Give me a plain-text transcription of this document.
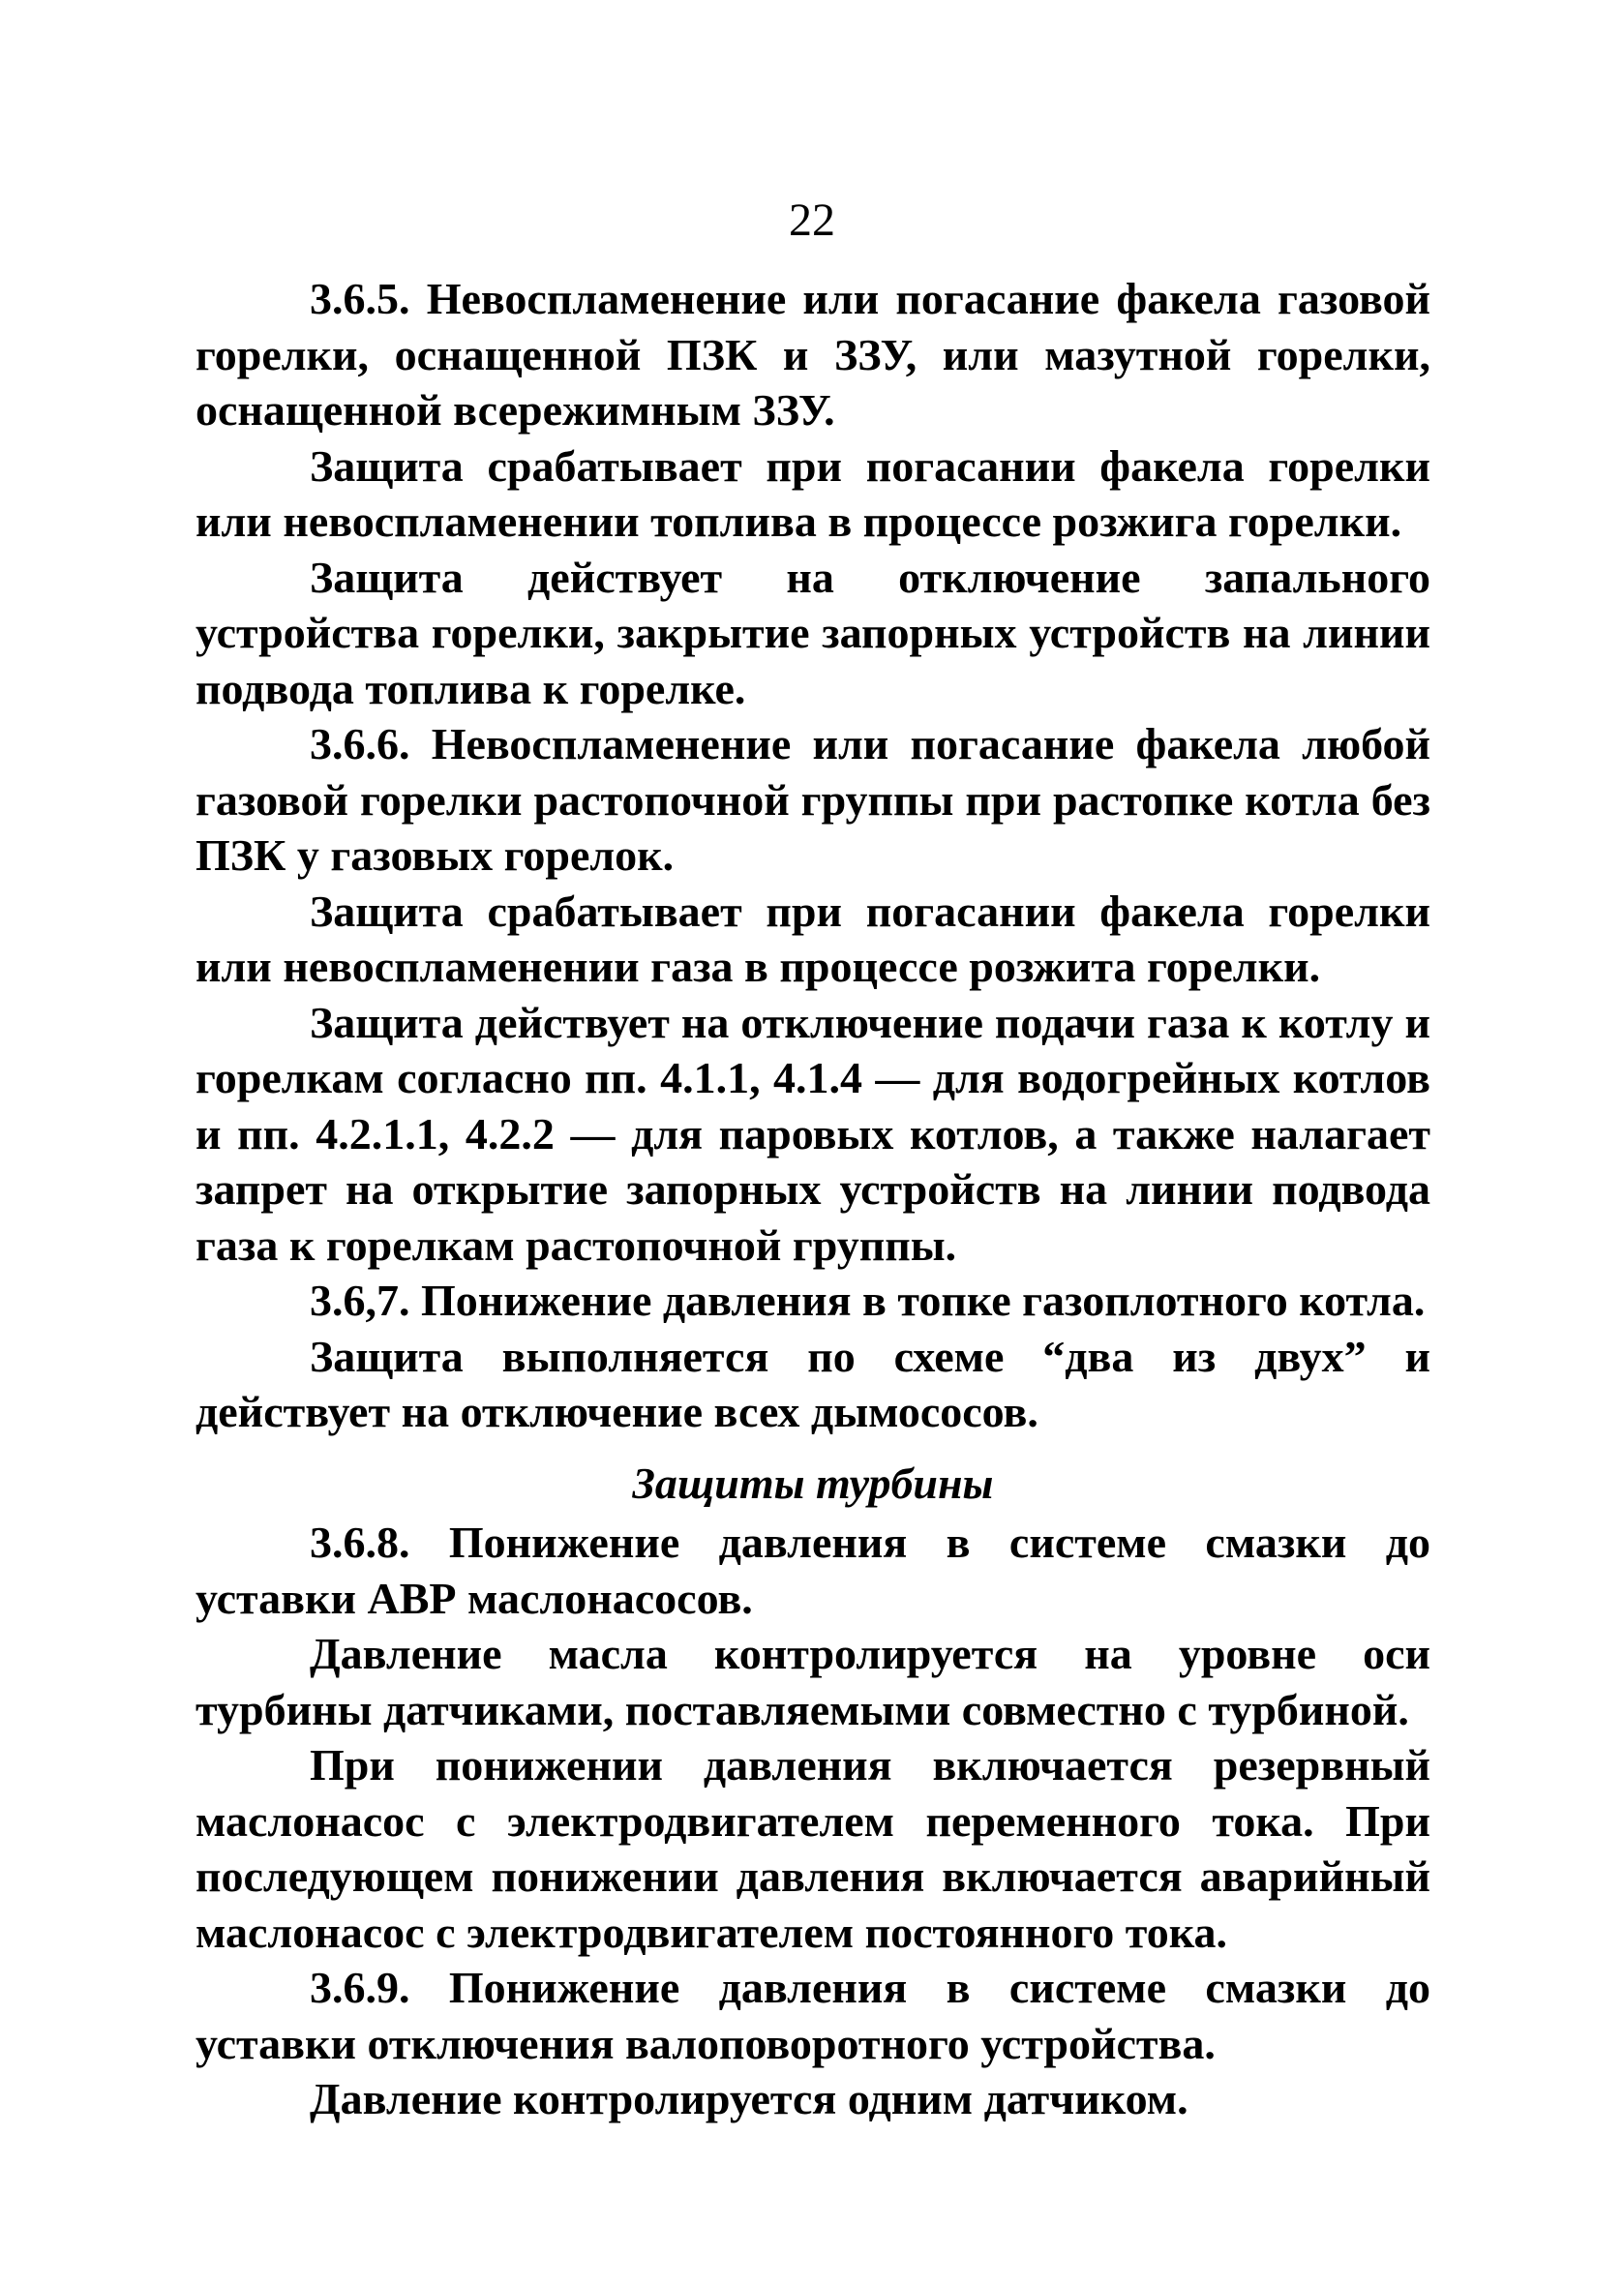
22

3.6.5. Невоспламенение или погасание факела газовой горелки, оснащенной ПЗК и ЗЗУ, или мазутной горелки, оснащенной всережимным ЗЗУ.

Защита срабатывает при погасании факела горелки или невоспламенении топлива в процессе розжига горелки.

Защита действует на отключение запального устройства горелки, закрытие запорных устройств на линии подвода топлива к горелке.

3.6.6. Невоспламенение или погасание факела любой газовой горелки растопочной группы при растопке котла без ПЗК у газовых горелок.

Защита срабатывает при погасании факела горелки или невоспламенении газа в процессе розжита горелки.

Защита действует на отключение подачи газа к котлу и горелкам согласно пп. 4.1.1, 4.1.4 — для водогрейных котлов и пп. 4.2.1.1, 4.2.2 — для паровых котлов, а также налагает запрет на открытие запорных устройств на линии подвода газа к горелкам растопочной группы.

3.6,7. Понижение давления в топке газоплотного котла.

Защита выполняется по схеме “два из двух” и действует на отключение всех дымососов.

Защиты турбины

3.6.8. Понижение давления в системе смазки до уставки АВР маслонасосов.

Давление масла контролируется на уровне оси турбины датчиками, поставляемыми совместно с турбиной.

При понижении давления включается резервный маслонасос с электродвигателем переменного тока. При последующем понижении давления включается аварийный маслонасос с электродвигателем постоянного тока.

3.6.9. Понижение давления в системе смазки до уставки отключения валоповоротного устройства.

Давление контролируется одним датчиком.
